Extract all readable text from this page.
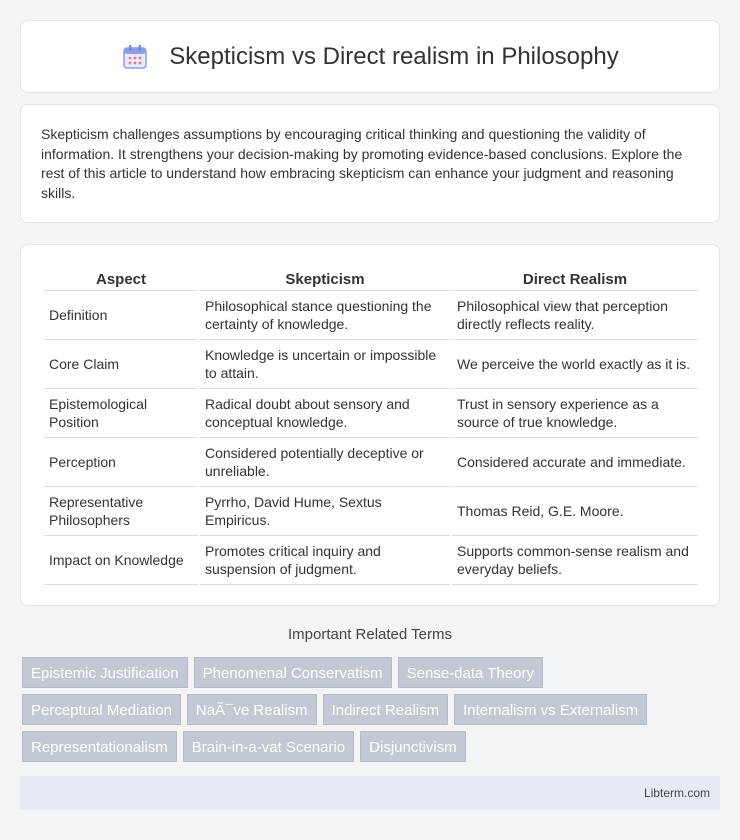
Skepticism vs Direct realism in Philosophy

Skepticism challenges assumptions by encouraging critical thinking and questioning the validity of information. It strengthens your decision-making by promoting evidence-based conclusions. Explore the rest of this article to understand how embracing skepticism can enhance your judgment and reasoning skills.

Aspect	Skepticism	Direct Realism
Definition	Philosophical stance questioning the certainty of knowledge.	Philosophical view that perception directly reflects reality.
Core Claim	Knowledge is uncertain or impossible to attain.	We perceive the world exactly as it is.
Epistemological Position	Radical doubt about sensory and conceptual knowledge.	Trust in sensory experience as a source of true knowledge.
Perception	Considered potentially deceptive or unreliable.	Considered accurate and immediate.
Representative Philosophers	Pyrrho, David Hume, Sextus Empiricus.	Thomas Reid, G.E. Moore.
Impact on Knowledge	Promotes critical inquiry and suspension of judgment.	Supports common-sense realism and everyday beliefs.
Important Related Terms
Epistemic Justification	Phenomenal Conservatism	Sense-data Theory
Perceptual Mediation	NaÃ¯ve Realism	Indirect Realism	Internalism vs Externalism
Representationalism	Brain-in-a-vat Scenario	Disjunctivism
Libterm.com
